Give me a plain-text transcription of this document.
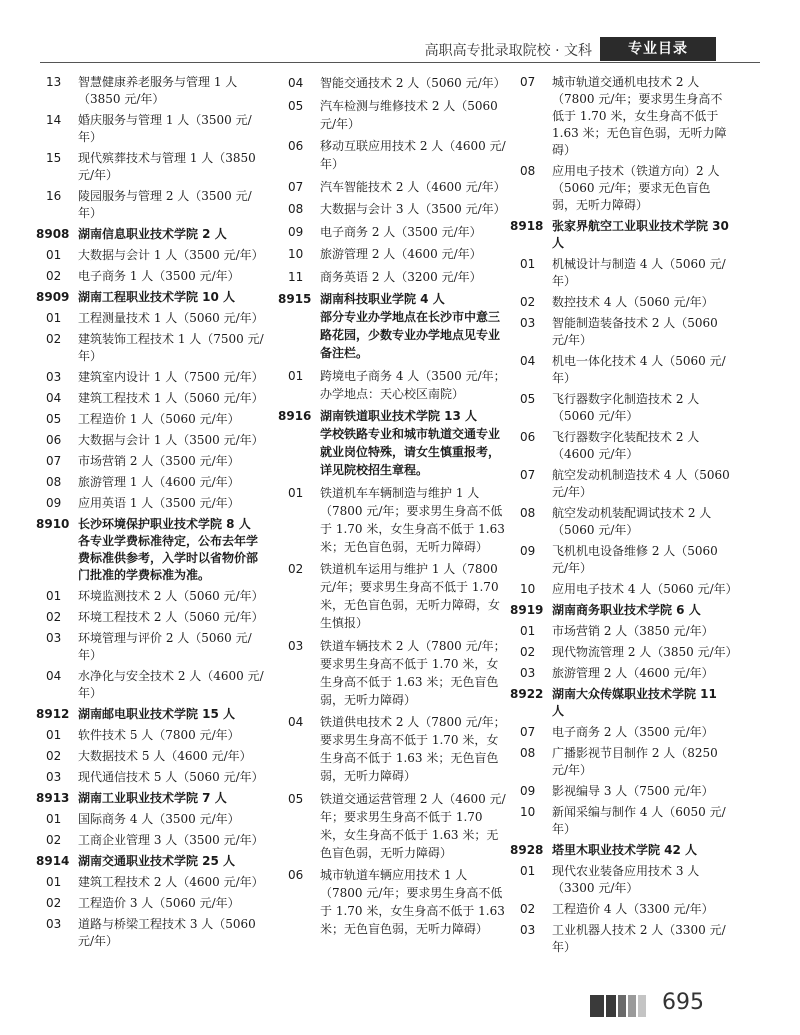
高职高专批录取院校 · 文科	专业目录
13	智慧健康养老服务与管理 1 人（3850 元/年）
14	婚庆服务与管理 1 人（3500 元/年）
15	现代殡葬技术与管理 1 人（3850 元/年）
16	陵园服务与管理 2 人（3500 元/年）
8908 湖南信息职业技术学院 2 人
01	大数据与会计 1 人（3500 元/年）
02	电子商务 1 人（3500 元/年）
8909 湖南工程职业技术学院 10 人
01	工程测量技术 1 人（5060 元/年）
02	建筑装饰工程技术 1 人（7500 元/年）
03	建筑室内设计 1 人（7500 元/年）
04	建筑工程技术 1 人（5060 元/年）
05	工程造价 1 人（5060 元/年）
06	大数据与会计 1 人（3500 元/年）
07	市场营销 2 人（3500 元/年）
08	旅游管理 1 人（4600 元/年）
09	应用英语 1 人（3500 元/年）
8910 长沙环境保护职业技术学院 8 人
各专业学费标准待定，公布去年学费标准供参考，入学时以省物价部门批准的学费标准为准。
01	环境监测技术 2 人（5060 元/年）
02	环境工程技术 2 人（5060 元/年）
03	环境管理与评价 2 人（5060 元/年）
04	水净化与安全技术 2 人（4600 元/年）
8912 湖南邮电职业技术学院 15 人
01	软件技术 5 人（7800 元/年）
02	大数据技术 5 人（4600 元/年）
03	现代通信技术 5 人（5060 元/年）
8913 湖南工业职业技术学院 7 人
01	国际商务 4 人（3500 元/年）
02	工商企业管理 3 人（3500 元/年）
8914 湖南交通职业技术学院 25 人
01	建筑工程技术 2 人（4600 元/年）
02	工程造价 3 人（5060 元/年）
03	道路与桥梁工程技术 3 人（5060 元/年）
04	智能交通技术 2 人（5060 元/年）
05	汽车检测与维修技术 2 人（5060 元/年）
06	移动互联应用技术 2 人（4600 元/年）
07	汽车智能技术 2 人（4600 元/年）
08	大数据与会计 3 人（3500 元/年）
09	电子商务 2 人（3500 元/年）
10	旅游管理 2 人（4600 元/年）
11	商务英语 2 人（3200 元/年）
8915 湖南科技职业学院 4 人
部分专业办学地点在长沙市中意三路花园，少数专业办学地点见专业备注栏。
01	跨境电子商务 4 人（3500 元/年；办学地点：天心校区南院）
8916 湖南铁道职业技术学院 13 人
学校铁路专业和城市轨道交通专业就业岗位特殊，请女生慎重报考，详见院校招生章程。
01	铁道机车车辆制造与维护 1 人（7800 元/年；要求男生身高不低于 1.70 米，女生身高不低于 1.63 米；无色盲色弱，无听力障碍）
02	铁道机车运用与维护 1 人（7800 元/年；要求男生身高不低于 1.70 米，无色盲色弱，无听力障碍，女生慎报）
03	铁道车辆技术 2 人（7800 元/年；要求男生身高不低于 1.70 米，女生身高不低于 1.63 米；无色盲色弱，无听力障碍）
04	铁道供电技术 2 人（7800 元/年；要求男生身高不低于 1.70 米，女生身高不低于 1.63 米；无色盲色弱，无听力障碍）
05	铁道交通运营管理 2 人（4600 元/年；要求男生身高不低于 1.70 米，女生身高不低于 1.63 米；无色盲色弱，无听力障碍）
06	城市轨道车辆应用技术 1 人（7800 元/年；要求男生身高不低于 1.70 米，女生身高不低于 1.63 米；无色盲色弱，无听力障碍）
07	城市轨道交通机电技术 2 人（7800 元/年；要求男生身高不低于 1.70 米，女生身高不低于 1.63 米；无色盲色弱，无听力障碍）
08	应用电子技术（铁道方向）2 人（5060 元/年；要求无色盲色弱，无听力障碍）
8918 张家界航空工业职业技术学院 30 人
01	机械设计与制造 4 人（5060 元/年）
02	数控技术 4 人（5060 元/年）
03	智能制造装备技术 2 人（5060 元/年）
04	机电一体化技术 4 人（5060 元/年）
05	飞行器数字化制造技术 2 人（5060 元/年）
06	飞行器数字化装配技术 2 人（4600 元/年）
07	航空发动机制造技术 4 人（5060 元/年）
08	航空发动机装配调试技术 2 人（5060 元/年）
09	飞机机电设备维修 2 人（5060 元/年）
10	应用电子技术 4 人（5060 元/年）
8919 湖南商务职业技术学院 6 人
01	市场营销 2 人（3850 元/年）
02	现代物流管理 2 人（3850 元/年）
03	旅游管理 2 人（4600 元/年）
8922 湖南大众传媒职业技术学院 11 人
07	电子商务 2 人（3500 元/年）
08	广播影视节目制作 2 人（8250 元/年）
09	影视编导 3 人（7500 元/年）
10	新闻采编与制作 4 人（6050 元/年）
8928 塔里木职业技术学院 42 人
01	现代农业装备应用技术 3 人（3300 元/年）
02	工程造价 4 人（3300 元/年）
03	工业机器人技术 2 人（3300 元/年）
695
